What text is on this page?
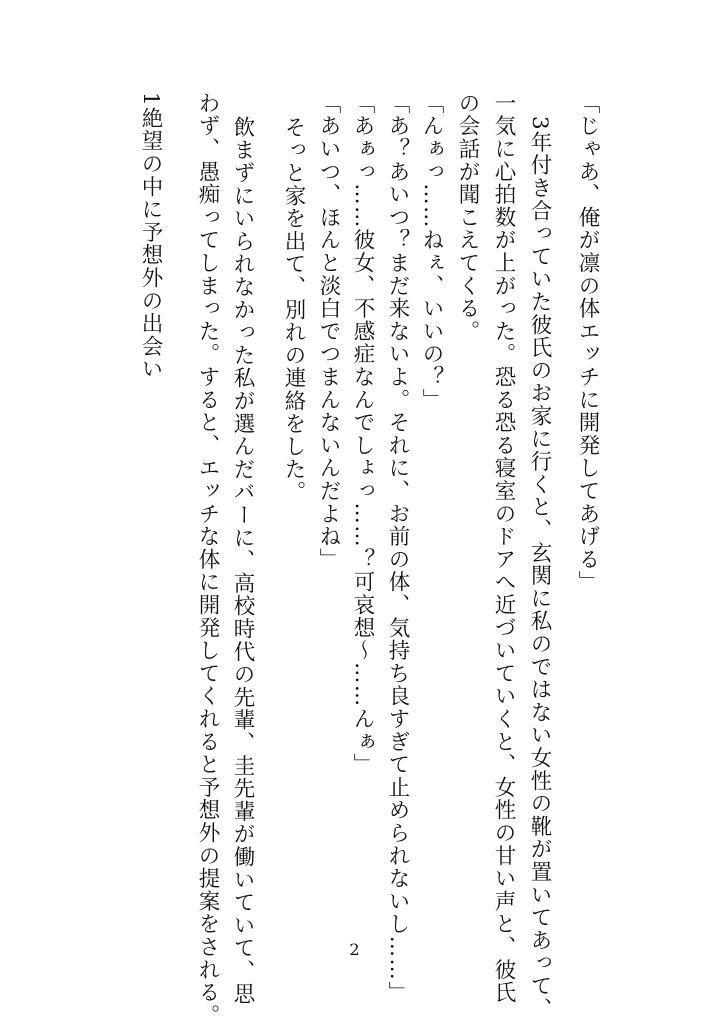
「じゃあ、俺が凛の体エッチに開発してあげる」
3年付き合っていた彼氏のお家に行くと、玄関に私のではない女性の靴が置いてあって、
一気に心拍数が上がった。恐る恐る寝室のドアへ近づいていくと、女性の甘い声と、彼氏
の会話が聞こえてくる。
「んぁっ……ねぇ、いいの？」
「あ？あいつ？まだ来ないよ。それに、お前の体、気持ち良すぎて止められないし……」
「あぁっ……彼女、不感症なんでしょっ……？可哀想～……んぁ」
「あいつ、ほんと淡白でつまんないんだよね」
そっと家を出て、別れの連絡をした。
飲まずにいられなかった私が選んだバーに、高校時代の先輩、圭先輩が働いていて、思
わず、愚痴ってしまった。すると、エッチな体に開発してくれると予想外の提案をされる。
1絶望の中に予想外の出会い
2
